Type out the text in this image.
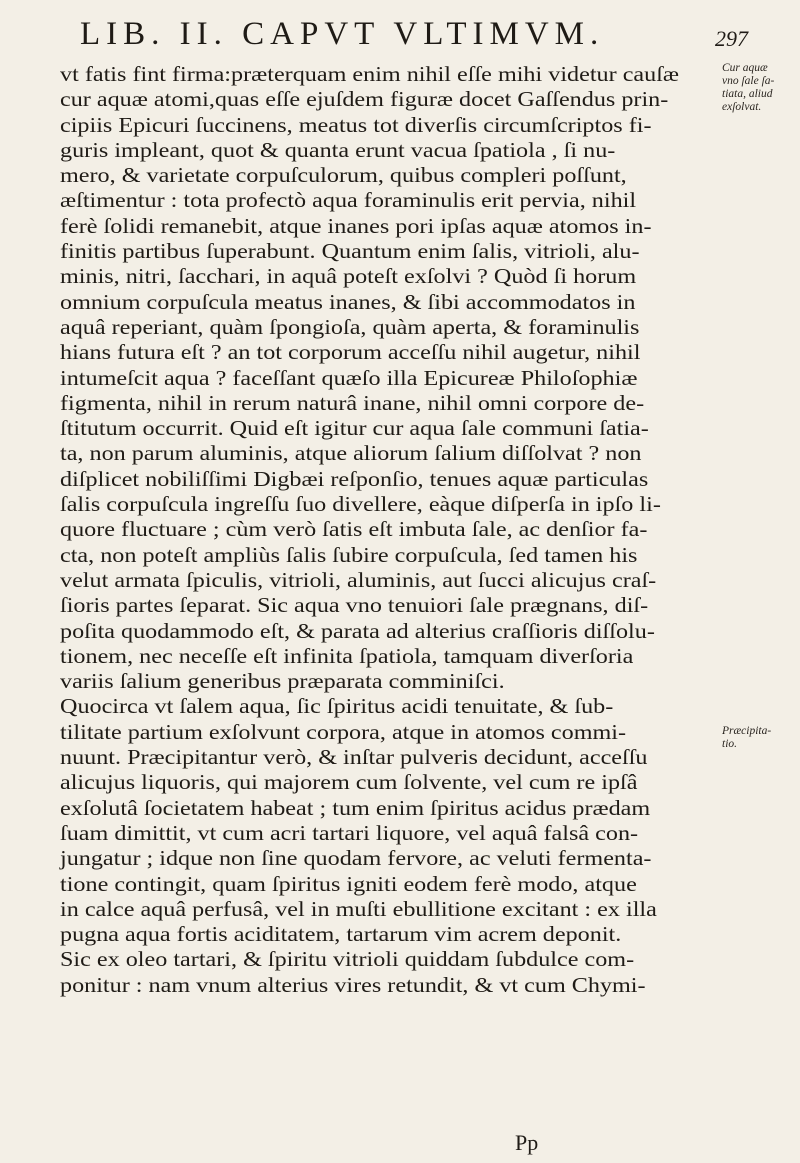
LIB. II. CAPVT VLTIMVM.	297
vt fatis fint firma:præterquam enim nihil eſſe mihi videtur cauſæ
cur aquæ atomi,quas eſſe ejuſdem figuræ docet Gaſſendus prin-
cipiis Epicuri ſuccinens, meatus tot diverſis circumſcriptos fi-
guris impleant, quot & quanta erunt vacua ſpatiola , ſi nu-
mero, & varietate corpuſculorum, quibus compleri poſſunt,
æſtimentur : tota profectò aqua foraminulis erit pervia, nihil
ferè ſolidi remanebit, atque inanes pori ipſas aquæ atomos in-
finitis partibus ſuperabunt. Quantum enim ſalis, vitrioli, alu-
minis, nitri, ſacchari, in aquâ poteſt exſolvi ? Quòd ſi horum
omnium corpuſcula meatus inanes, & ſibi accommodatos in
aquâ reperiant, quàm ſpongioſa, quàm aperta, & foraminulis
hians futura eſt ? an tot corporum acceſſu nihil augetur, nihil
intumeſcit aqua ? faceſſant quæſo illa Epicureæ Philoſophiæ
figmenta, nihil in rerum naturâ inane, nihil omni corpore de-
ſtitutum occurrit. Quid eſt igitur cur aqua ſale communi ſatia-
ta, non parum aluminis, atque aliorum ſalium diſſolvat ? non
diſplicet nobiliſſimi Digbæi reſponſio, tenues aquæ particulas
ſalis corpuſcula ingreſſu ſuo divellere, eàque diſperſa in ipſo li-
quore fluctuare ; cùm verò ſatis eſt imbuta ſale, ac denſior fa-
cta, non poteſt ampliùs ſalis ſubire corpuſcula, ſed tamen his
velut armata ſpiculis, vitrioli, aluminis, aut ſucci alicujus craſ-
ſioris partes ſeparat. Sic aqua vno tenuiori ſale prægnans, diſ-
poſita quodammodo eſt, & parata ad alterius craſſioris diſſolu-
tionem, nec neceſſe eſt infinita ſpatiola, tamquam diverſoria
variis ſalium generibus præparata comminiſci.
Quocirca vt ſalem aqua, ſic ſpiritus acidi tenuitate, & ſub-
tilitate partium exſolvunt corpora, atque in atomos commi-
nuunt. Præcipitantur verò, & inſtar pulveris decidunt, acceſſu
alicujus liquoris, qui majorem cum ſolvente, vel cum re ipſâ
exſolutâ ſocietatem habeat ; tum enim ſpiritus acidus prædam
ſuam dimittit, vt cum acri tartari liquore, vel aquâ falsâ con-
jungatur ; idque non ſine quodam fervore, ac veluti fermenta-
tione contingit, quam ſpiritus igniti eodem ferè modo, atque
in calce aquâ perfusâ, vel in muſti ebullitione excitant : ex illa
pugna aqua fortis aciditatem, tartarum vim acrem deponit.
Sic ex oleo tartari, & ſpiritu vitrioli quiddam ſubdulce com-
ponitur : nam vnum alterius vires retundit, & vt cum Chymi-
Cur aquæ
vno ſale ſa-
tiata, aliud
exſolvat.
Præcipita-
tio.
Pp
